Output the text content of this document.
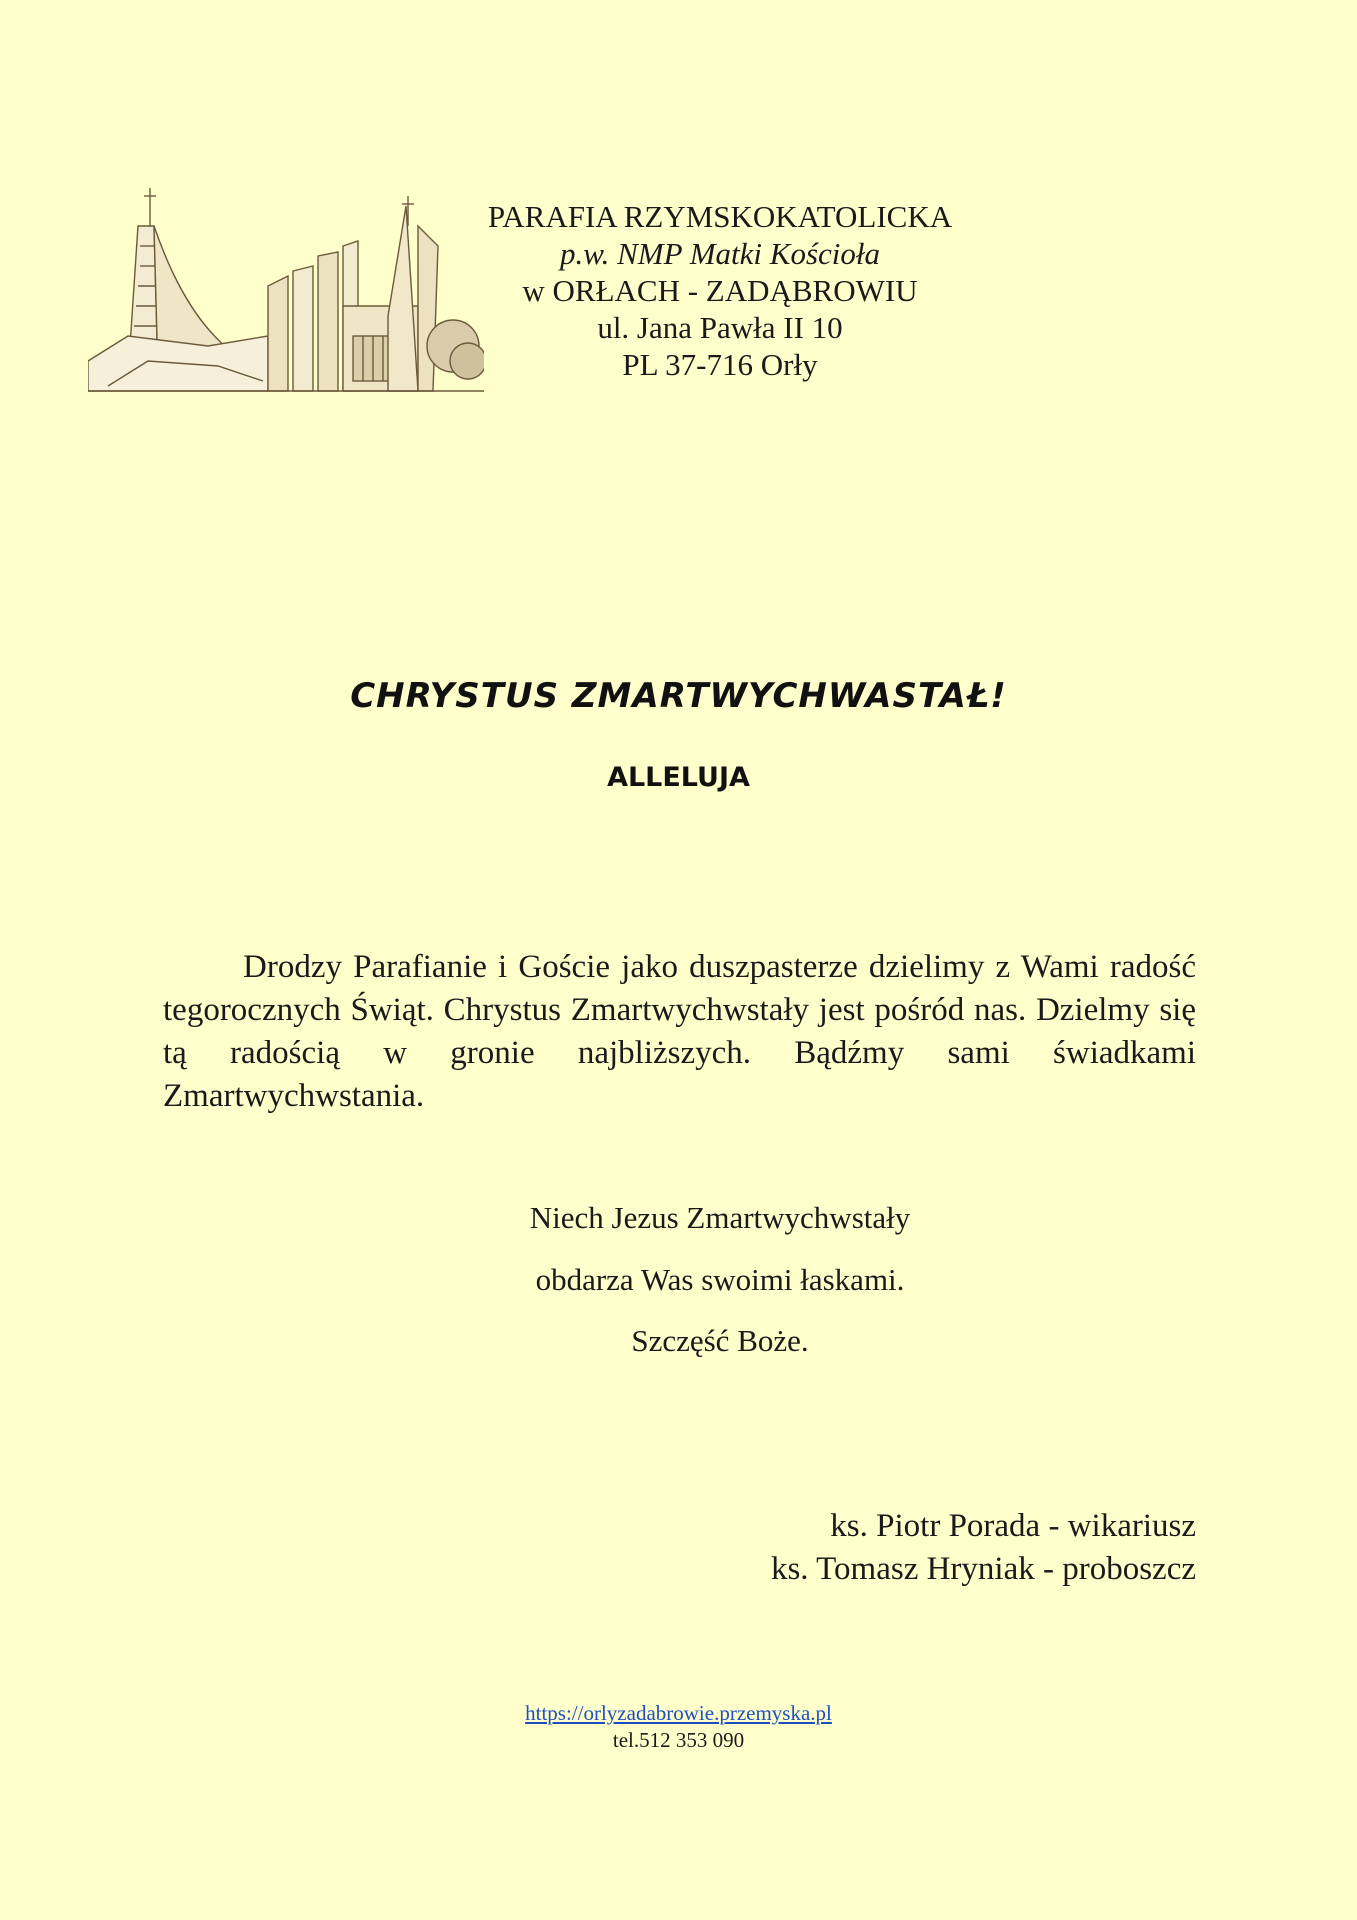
PARAFIA RZYMSKOKATOLICKA
p.w. NMP Matki Kościoła
w ORŁACH - ZADĄBROWIU
ul. Jana Pawła II 10
PL 37-716 Orły
CHRYSTUS ZMARTWYCHWASTAŁ!
ALLELUJA
Drodzy Parafianie i Goście jako duszpasterze dzielimy z Wami radość tegorocznych Świąt. Chrystus Zmartwychwstały jest pośród nas. Dzielmy się tą radością w gronie najbliższych. Bądźmy sami świadkami Zmartwychwstania.
Niech Jezus Zmartwychwstały
obdarza Was swoimi łaskami.
Szczęść Boże.
ks. Piotr Porada - wikariusz
ks. Tomasz Hryniak - proboszcz
https://orlyzadabrowie.przemyska.pl
tel.512 353 090
